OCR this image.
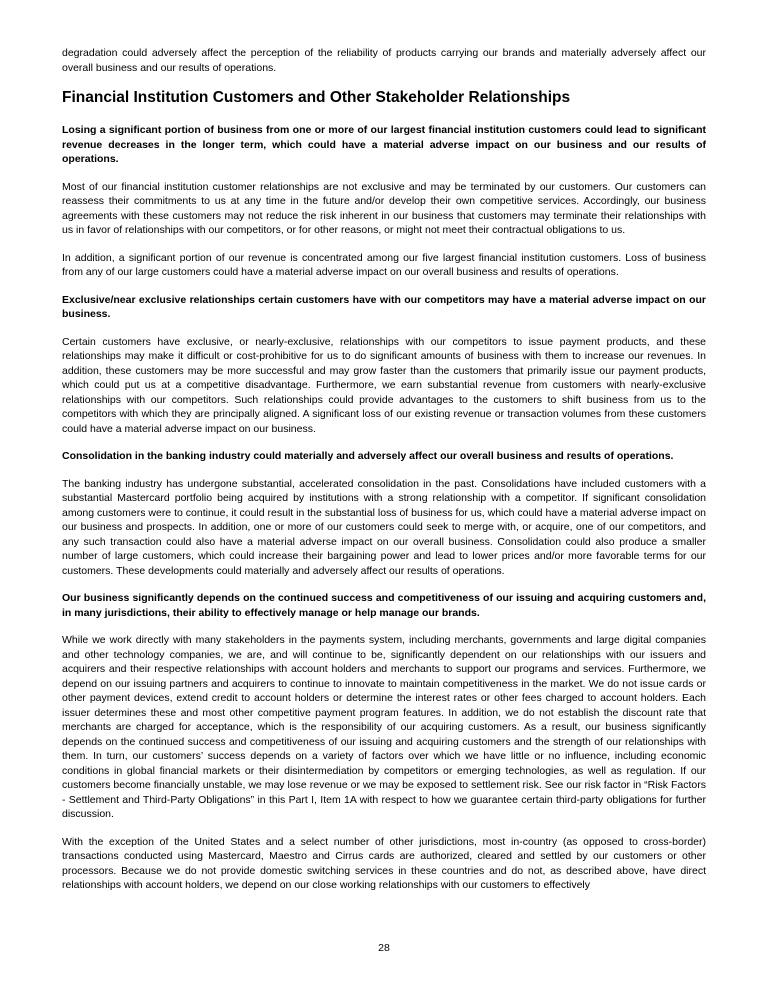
degradation could adversely affect the perception of the reliability of products carrying our brands and materially adversely affect our overall business and our results of operations.

Financial Institution Customers and Other Stakeholder Relationships

Losing a significant portion of business from one or more of our largest financial institution customers could lead to significant revenue decreases in the longer term, which could have a material adverse impact on our business and our results of operations.

Most of our financial institution customer relationships are not exclusive and may be terminated by our customers. Our customers can reassess their commitments to us at any time in the future and/or develop their own competitive services. Accordingly, our business agreements with these customers may not reduce the risk inherent in our business that customers may terminate their relationships with us in favor of relationships with our competitors, or for other reasons, or might not meet their contractual obligations to us.

In addition, a significant portion of our revenue is concentrated among our five largest financial institution customers. Loss of business from any of our large customers could have a material adverse impact on our overall business and results of operations.

Exclusive/near exclusive relationships certain customers have with our competitors may have a material adverse impact on our business.

Certain customers have exclusive, or nearly-exclusive, relationships with our competitors to issue payment products, and these relationships may make it difficult or cost-prohibitive for us to do significant amounts of business with them to increase our revenues. In addition, these customers may be more successful and may grow faster than the customers that primarily issue our payment products, which could put us at a competitive disadvantage. Furthermore, we earn substantial revenue from customers with nearly-exclusive relationships with our competitors. Such relationships could provide advantages to the customers to shift business from us to the competitors with which they are principally aligned. A significant loss of our existing revenue or transaction volumes from these customers could have a material adverse impact on our business.

Consolidation in the banking industry could materially and adversely affect our overall business and results of operations.

The banking industry has undergone substantial, accelerated consolidation in the past. Consolidations have included customers with a substantial Mastercard portfolio being acquired by institutions with a strong relationship with a competitor. If significant consolidation among customers were to continue, it could result in the substantial loss of business for us, which could have a material adverse impact on our business and prospects. In addition, one or more of our customers could seek to merge with, or acquire, one of our competitors, and any such transaction could also have a material adverse impact on our overall business. Consolidation could also produce a smaller number of large customers, which could increase their bargaining power and lead to lower prices and/or more favorable terms for our customers. These developments could materially and adversely affect our results of operations.

Our business significantly depends on the continued success and competitiveness of our issuing and acquiring customers and, in many jurisdictions, their ability to effectively manage or help manage our brands.

While we work directly with many stakeholders in the payments system, including merchants, governments and large digital companies and other technology companies, we are, and will continue to be, significantly dependent on our relationships with our issuers and acquirers and their respective relationships with account holders and merchants to support our programs and services. Furthermore, we depend on our issuing partners and acquirers to continue to innovate to maintain competitiveness in the market. We do not issue cards or other payment devices, extend credit to account holders or determine the interest rates or other fees charged to account holders. Each issuer determines these and most other competitive payment program features. In addition, we do not establish the discount rate that merchants are charged for acceptance, which is the responsibility of our acquiring customers. As a result, our business significantly depends on the continued success and competitiveness of our issuing and acquiring customers and the strength of our relationships with them. In turn, our customers’ success depends on a variety of factors over which we have little or no influence, including economic conditions in global financial markets or their disintermediation by competitors or emerging technologies, as well as regulation. If our customers become financially unstable, we may lose revenue or we may be exposed to settlement risk. See our risk factor in “Risk Factors - Settlement and Third-Party Obligations” in this Part I, Item 1A with respect to how we guarantee certain third-party obligations for further discussion.

With the exception of the United States and a select number of other jurisdictions, most in-country (as opposed to cross-border) transactions conducted using Mastercard, Maestro and Cirrus cards are authorized, cleared and settled by our customers or other processors. Because we do not provide domestic switching services in these countries and do not, as described above, have direct relationships with account holders, we depend on our close working relationships with our customers to effectively

28
